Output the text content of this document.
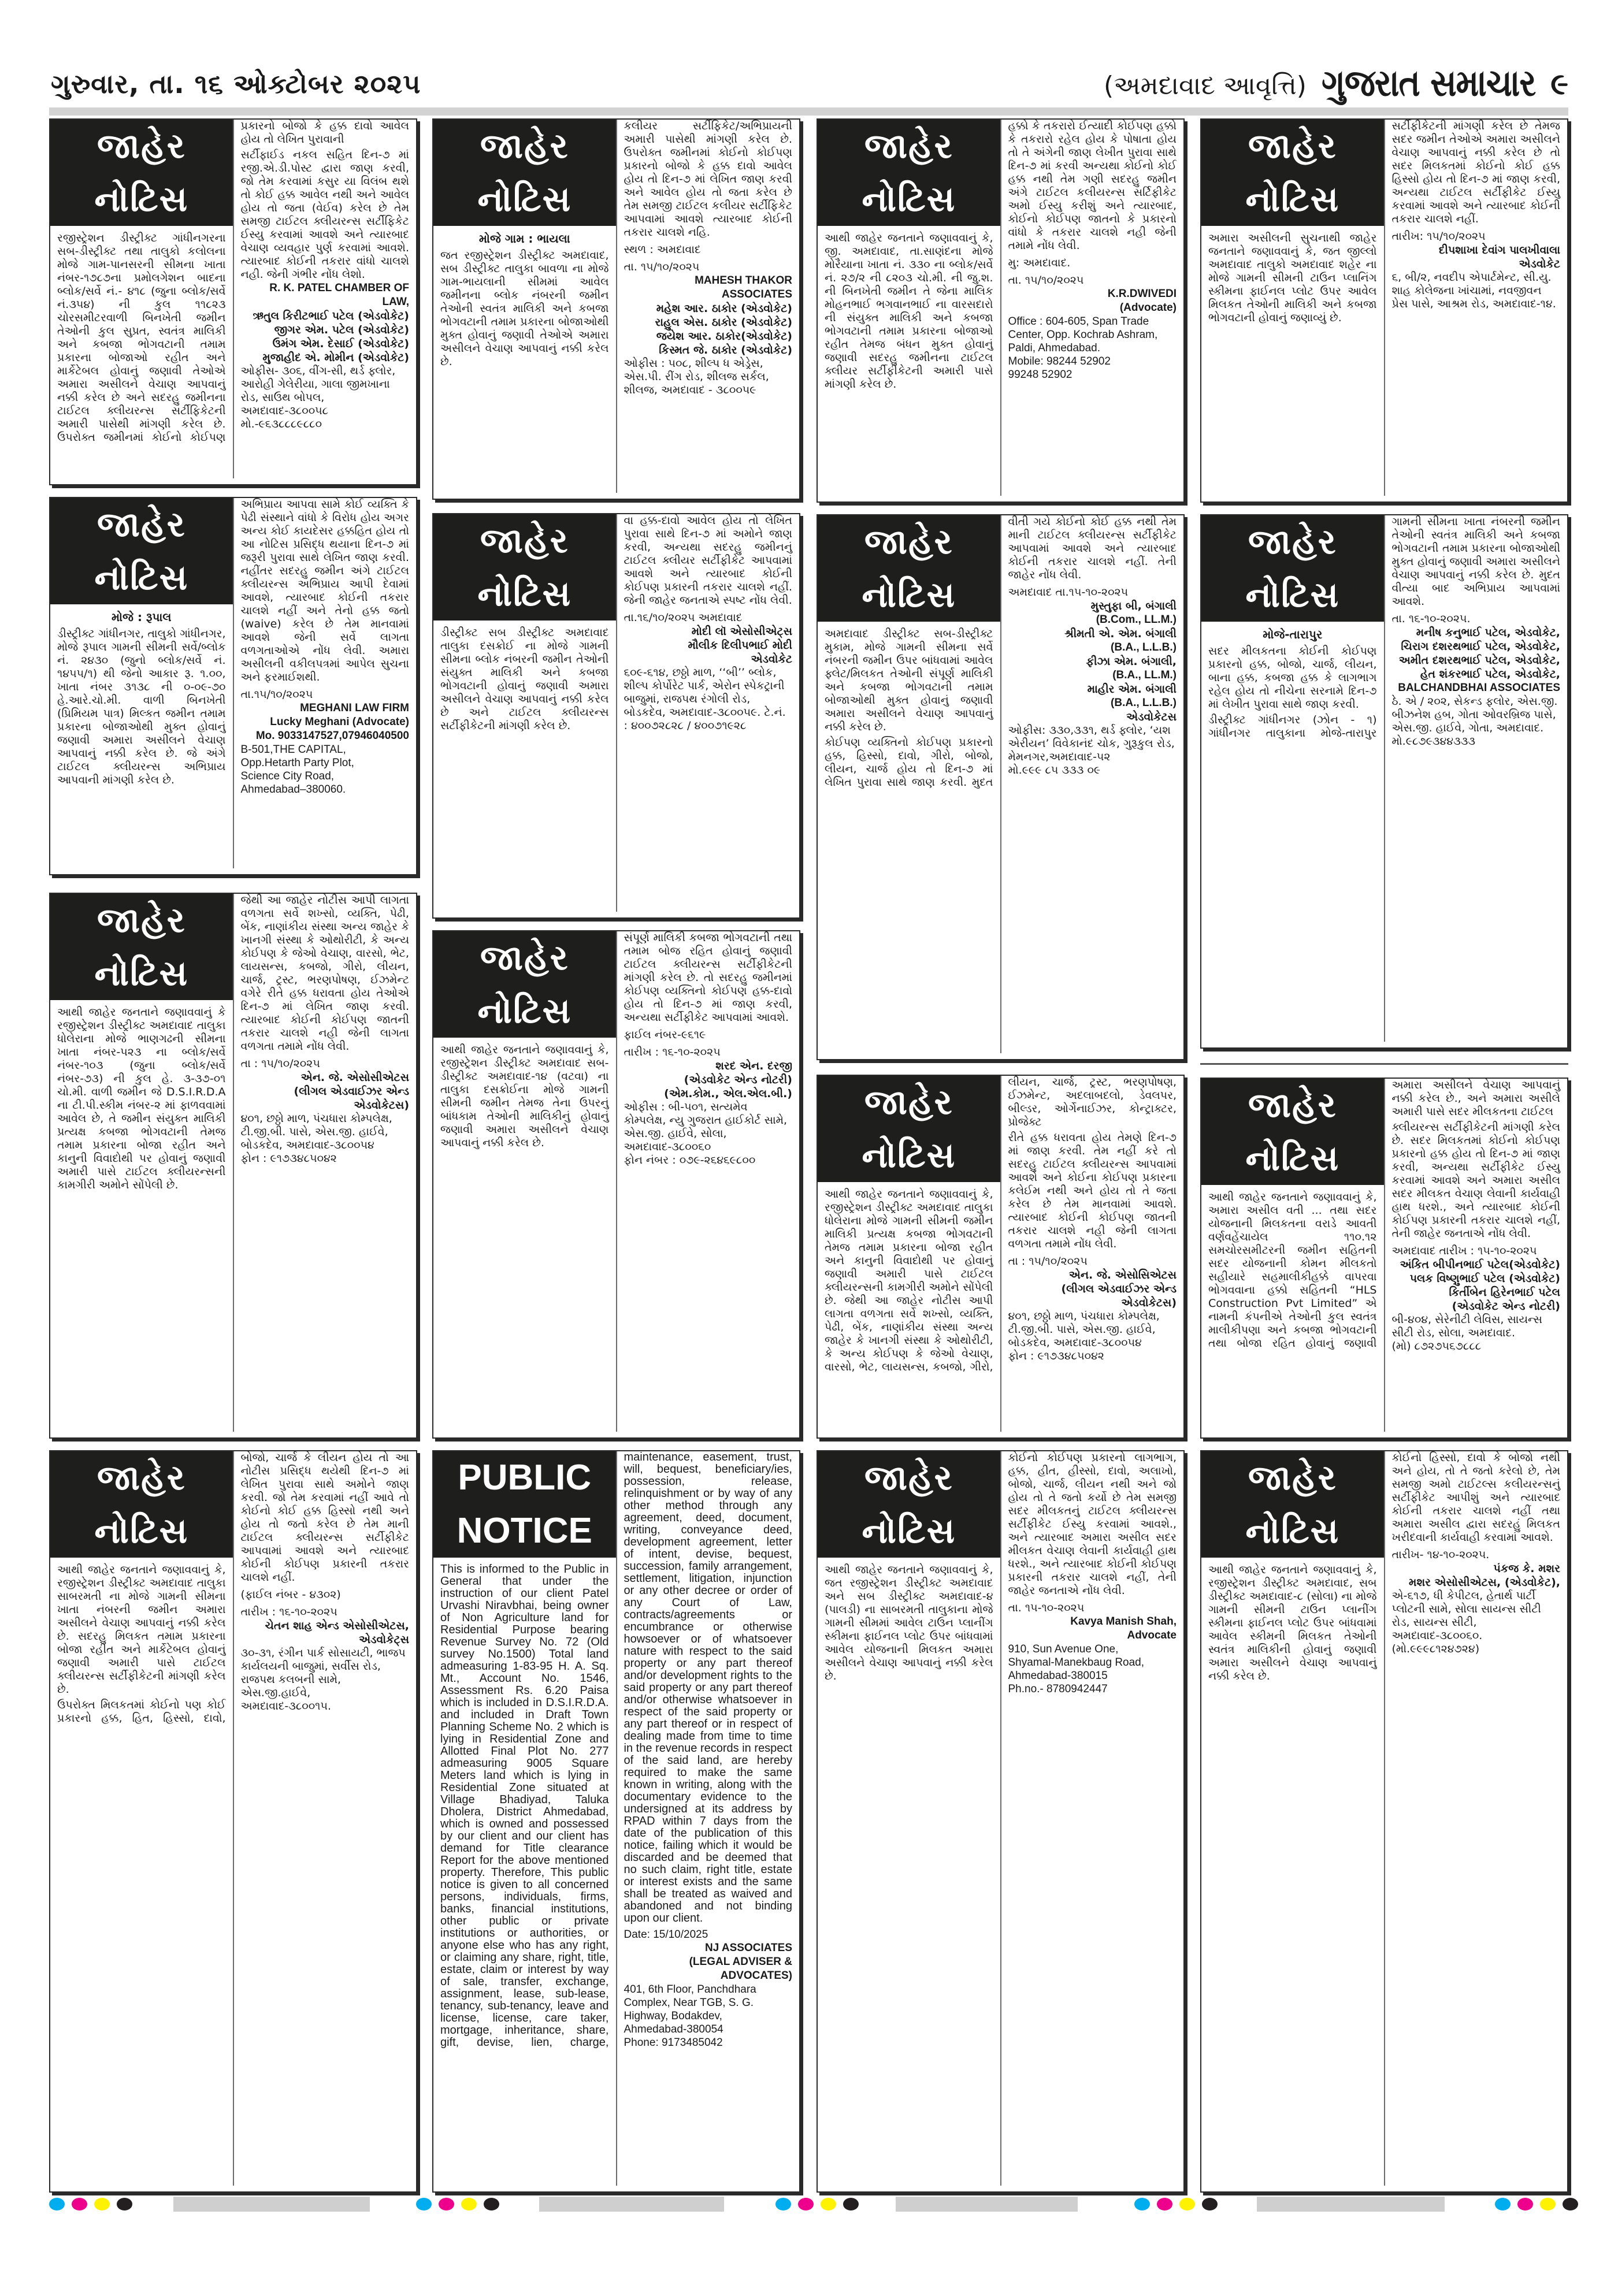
ગુરુવાર, તા. ૧૬ ઓક્ટોબર ૨૦૨૫	(અમદાવાદ આવૃત્તિ) ગુજરાત સમાચાર ૯
જાહેર નોટિસ

રજીસ્ટ્રેશન ડીસ્ટ્રીક્ટ ગાંધીનગરના સબ-ડીસ્ટ્રીક્ટ તથા તાલુકો કલોલના મોજે ગામ-પાનસરની સીમના ખાતા નંબર-૧૭૮૭ના પ્રમોલગેશન બાદના બ્લોક/સર્વે નં.- ૪૧૮ (જુના બ્લોક/સર્વે નં.૩૫૪) ની કુલ ૧૧૮૨૩ ચોરસમીટરવાળી બિનખેતી જમીન તેઓની કુલ સુપ્રત, સ્વતંત્ર માલિકી અને કબજા ભોગવટાની તમામ પ્રકારના બોજાઓ રહીત અને માર્કેટેબલ હોવાનું જણાવી તેઓએ અમારા અસીલને વેચાણ આપવાનું નક્કી કરેલ છે અને સદરહુ જમીનના ટાઈટલ ક્લીયરન્સ સર્ટીફિકેટની અમારી પાસેથી માંગણી કરેલ છે. ઉપરોક્ત જમીનમાં કોઈનો કોઈપણ પ્રકારનો બોજો કે હક્ક દાવો આવેલ હોય તો લેખિત પુરાવાની

સર્ટીફાઈડ નકલ સહિત દિન-૭ માં રજી.એ.ડી.પોસ્ટ દ્વારા જાણ કરવી, જો તેમ કરવામાં કસુર યા વિલંબ થશે તો કોઈ હક્ક આવેલ નથી અને આવેલ હોય તો જતા (વેઈવ) કરેલ છે તેમ સમજી ટાઈટલ ક્લીયરન્સ સર્ટીફિકેટ ઈસ્યુ કરવામાં આવશે અને ત્યારબાદ વેચાણ વ્યવહાર પુર્ણ કરવામાં આવશે. ત્યારબાદ કોઈની તકરાર વાંધો ચાલશે નહી. જેની ગંભીર નોંધ લેશો.

R. K. PATEL CHAMBER OF LAW,
ઋતુલ કિરીટભાઈ પટેલ (એડવોકેટ)
જીગર એમ. પટેલ (એડવોકેટ)
ઉમંગ એમ. દેસાઈ (એડવોકેટ)
મુજાહીદ એ. મોમીન (એડવોકેટ)
ઓફીસ- ૩૦૬, વીંગ-સી, થર્ડ ફ્લોર, આરોહી ગેલેરીયા, ગાલા જીમખાના રોડ, સાઉથ બોપલ,
અમદાવાદ-૩૮૦૦૫૮
મો.-૯૬૩૮૮૮૯૮૮૦
જાહેર નોટિસ
મોજે : રૂપાલ

ડીસ્ટ્રીક્ટ ગાંધીનગર, તાલુકો ગાંધીનગર, મોજે રૂપાલ ગામની સીમની સર્વે/બ્લોક નં. ૨૪૩૦ (જુનો બ્લોક/સર્વે નં. ૧૪૫૫/૧) થી જેનો આકાર રૂ. ૧.૦૦, ખાતા નંબર ૩૧૩૮ ની ૦-૦૯-૭૦ હે.આરે.ચો.મી. વાળી બિનખેતી (પ્રિમિયમ પાત્ર) મિલ્કત જમીન તમામ પ્રકારના બોજાઓથી મુક્ત હોવાનું જણાવી અમારા અસીલને વેચાણ આપવાનું નક્કી કરેલ છે. જે અંગે ટાઈટલ ક્લીયરન્સ અભિપ્રાય આપવાની માંગણી કરેલ છે.

અભિપ્રાય આપવા સામે કોઈ વ્યક્તિ કે પેઢી સંસ્થાને વાંધો કે વિરોધ હોય અગર અન્ય કોઈ કાયદેસર હક્કહિત હોય તો આ નોટિસ પ્રસિદ્ધ થયાના દિન-૭ માં જરૂરી પુરાવા સાથે લેખિત જાણ કરવી. નહીંતર સદરહુ જમીન અંગે ટાઈટલ ક્લીયરન્સ અભિપ્રાય આપી દેવામાં આવશે, ત્યારબાદ કોઈની તકરાર ચાલશે નહીં અને તેનો હક્ક જતો (waive) કરેલ છે તેમ માનવામાં આવશે જેની સર્વે લાગતા વળગતાઓએ નોંધ લેવી. અમારા અસીલની વકીલપત્રમાં આપેલ સુચના અને ફરમાઈશથી.

તા.૧૫/૧૦/૨૦૨૫
MEGHANI LAW FIRM
Lucky Meghani (Advocate)
Mo. 9033147527,07946040500
B-501,THE CAPITAL,
Opp.Hetarth Party Plot,
Science City Road,
Ahmedabad–380060.
જાહેર નોટિસ

આથી જાહેર જનતાને જણાવવાનું કે રજીસ્ટ્રેશન ડીસ્ટ્રીક્ટ અમદાવાદ તાલુકા ધોલેરાના મોજે ભાણગઢની સીમના ખાતા નંબર-૫૨૩ ના બ્લોક/સર્વે નંબર-૧૦૩ (જુના બ્લોક/સર્વે નંબર-૭૩) ની કુલ હે. ૩-૩૭-૦૧ ચો.મી. વાળી જમીન જે D.S.I.R.D.A ના ટી.પી.સ્કીમ નંબર-૨ માં ફાળવવામાં આવેલ છે, તે જમીન સંયુક્ત માલિકી પ્રત્યક્ષ કબજા ભોગવટાની તેમજ તમામ પ્રકારના બોજા રહીત અને કાનુની વિવાદોથી પર હોવાનું જણાવી અમારી પાસે ટાઈટલ ક્લીયરન્સની કામગીરી અમોને સોંપેલી છે.

જેથી આ જાહેર નોટીસ આપી લાગતા વળગતા સર્વે શખ્સો, વ્યક્તિ, પેઢી, બેંક, નાણાંકીય સંસ્થા અન્ય જાહેર કે ખાનગી સંસ્થા કે ઓથોરીટી, કે અન્ય કોઈપણ કે જેઓ વેચાણ, વારસો, ભેટ, લાયસન્સ, કબજો, ગીરો, લીયન, ચાર્જ, ટ્રસ્ટ, ભરણપોષણ, ઈઝમેન્ટ વગેરે રીતે હક્ક ધરાવતા હોય તેઓએ દિન-૭ માં લેખિત જાણ કરવી. ત્યારબાદ કોઈની કોઈપણ જાતની તકરાર ચાલશે નહી જેની લાગતા વળગતા તમામે નોંધ લેવી.

તા : ૧૫/૧૦/૨૦૨૫
એન. જે. એસોસીએટસ
(લીગલ એડવાઈઝર એન્ડ એડવોકેટસ)
૪૦૧, છઠ્ઠો માળ, પંચધારા કોમ્પલેક્ષ, ટી.જી.બી. પાસે, એસ.જી. હાઈવે, બોડકદેવ, અમદાવાદ-૩૮૦૦૫૪
ફોન : ૯૧૭૩૪૮૫૦૪૨
જાહેર નોટિસ

આથી જાહેર જનતાને જણાવવાનું કે, રજીસ્ટ્રેશન ડીસ્ટ્રીક્ટ અમદાવાદ તાલુકા સાબરમતી ના મોજે ગામની સીમના ખાતા નંબરની જમીન અમારા અસીલને વેચાણ આપવાનું નક્કી કરેલ છે. સદરહુ મિલકત તમામ પ્રકારના બોજા રહીત અને માર્કેટેબલ હોવાનું જણાવી અમારી પાસે ટાઈટલ ક્લીયરન્સ સર્ટીફીકેટની માંગણી કરેલ છે.

ઉપરોક્ત મિલકતમાં કોઈનો પણ કોઈ પ્રકારનો હક્ક, હિત, હિસ્સો, દાવો, બોજો, ચાર્જ કે લીયન હોય તો આ નોટીસ પ્રસિદ્ધ થયેથી દિન-૭ માં લેખિત પુરાવા સાથે અમોને જાણ કરવી. જો તેમ કરવામાં નહીં આવે તો કોઈનો કોઈ હક્ક હિસ્સો નથી અને હોય તો જતો કરેલ છે તેમ માની ટાઈટલ ક્લીયરન્સ સર્ટીફીકેટ આપવામાં આવશે અને ત્યારબાદ કોઈની કોઈપણ પ્રકારની તકરાર ચાલશે નહીં.

(ફાઈલ નંબર - ૪૩૦૨)
તારીખ : ૧૬-૧૦-૨૦૨૫
ચેતન શાહ એન્ડ એસોસીએટસ,
એડવોકેટ્સ
૩૦-૩૧, રંગીન પાર્ક સોસાયટી, ભાજપ કાર્યલયની બાજુમાં, સર્વીસ રોડ, રાજપથ કલબની સામે, એસ.જી.હાઈવે,
અમદાવાદ-૩૮૦૦૧૫.
જાહેર નોટિસ
મોજે ગામ : ભાયલા

જત રજીસ્ટ્રેશન ડીસ્ટ્રીક્ટ અમદાવાદ, સબ ડીસ્ટ્રીક્ટ તાલુકા બાવળા ના મોજે ગામ-ભાયલાની સીમમાં આવેલ જમીનના બ્લોક નંબરની જમીન તેઓની સ્વતંત્ર માલિકી અને કબજા ભોગવટાની તમામ પ્રકારના બોજાઓથી મુક્ત હોવાનું જણાવી તેઓએ અમારા અસીલને વેચાણ આપવાનું નક્કી કરેલ છે.

કલીયર સર્ટીફિકેટ/અભિપ્રાયની અમારી પાસેથી માંગણી કરેલ છે. ઉપરોક્ત જમીનમાં કોઈનો કોઈપણ પ્રકારનો બોજો કે હક્ક દાવો આવેલ હોય તો દિન-૭ માં લેખિત જાણ કરવી અને આવેલ હોય તો જતા કરેલ છે તેમ સમજી ટાઈટલ કલીયર સર્ટીફિકેટ આપવામાં આવશે ત્યારબાદ કોઈની તકરાર ચાલશે નહિ.

સ્થળ : અમદાવાદ
તા. ૧૫/૧૦/૨૦૨૫
MAHESH THAKOR ASSOCIATES
મહેશ આર. ઠાકોર (એડવોકેટ)
રાહુલ એસ. ઠાકોર (એડવોકેટ)
જયેશ આર. ઠાકોર(એડવોકેટ)
કિસ્મત જે. ઠાકોર (એડવોકેટ)
ઓફીસ : ૫૦૮, શીલ્પ ધ એડ્રેસ, એસ.પી. રીંગ રોડ, શીલજ સર્કલ, શીલજ, અમદાવાદ - ૩૮૦૦૫૯
જાહેર નોટિસ

ડીસ્ટ્રીક્ટ સબ ડીસ્ટ્રીક્ટ અમદાવાદ તાલુકા દસક્રોઈ ના મોજે ગામની સીમના બ્લોક નંબરની જમીન તેઓની સંયુક્ત માલિકી અને કબજા ભોગવટાની હોવાનું જણાવી અમારા અસીલને વેચાણ આપવાનું નક્કી કરેલ છે અને ટાઈટલ ક્લીયરન્સ સર્ટીફીકેટની માંગણી કરેલ છે.

વા હક્ક-દાવો આવેલ હોય તો લેખિત પુરાવા સાથે દિન-૭ માં અમોને જાણ કરવી, અન્યથા સદરહુ જમીનનું ટાઈટલ ક્લીયર સર્ટીફીકેટ આપવામાં આવશે અને ત્યારબાદ કોઈની કોઈપણ પ્રકારની તકરાર ચાલશે નહીં. જેની જાહેર જનતાએ સ્પષ્ટ નોંધ લેવી.

તા.૧૬/૧૦/૨૦૨૫ અમદાવાદ
મોદી લૉ એસોસીએટ્સ
મૌલીક દિલીપભાઈ મોદી
એડવોકેટ
૬૦૯-૬૧૪, છઠ્ઠો માળ, ‘‘બી’’ બ્લોક, શીલ્પ કોર્પોરેટ પાર્ક, એરોન સ્પેકટ્રાની બાજુમાં, રાજપથ રંગોલી રોડ, બોડકદેવ, અમદાવાદ-૩૮૦૦૫૯. ટે.નં. : ૪૦૦૭૨૮૨૮ / ૪૦૦૭૧૯૨૮
જાહેર નોટિસ

આથી જાહેર જનતાને જણાવવાનું કે, રજીસ્ટ્રેશન ડીસ્ટ્રીક્ટ અમદાવાદ સબ-ડીસ્ટ્રીક્ટ અમદાવાદ-૧૪ (વટવા) ના તાલુકા દસક્રોઈના મોજે ગામની સીમની જમીન તેમજ તેના ઉપરનું બાંધકામ તેઓની માલિકીનું હોવાનું જણાવી અમારા અસીલને વેચાણ આપવાનું નક્કી કરેલ છે.

સંપૂર્ણ માલિકી કબજા ભોગવટાની તથા તમામ બોજ રહિત હોવાનું જણાવી ટાઈટલ ક્લીયરન્સ સર્ટીફીકેટની માંગણી કરેલ છે. તો સદરહુ જમીનમાં કોઈપણ વ્યક્તિનો કોઈપણ હક્ક-દાવો હોય તો દિન-૭ માં જાણ કરવી, અન્યથા સર્ટીફીકેટ આપવામાં આવશે.

ફાઈલ નંબર-૯૬૧૯
તારીખ : ૧૬-૧૦-૨૦૨૫
શરદ એન. દરજી
(એડવોકેટ એન્ડ નોટરી)
(એમ.કોમ., એલ.એલ.બી.)
ઓફીસ : બી-૫૦૧, સત્યમેવ કોમ્પલેક્ષ, ન્યુ ગુજરાત હાઈકોર્ટ સામે, એસ.જી. હાઈવે, સોલા,
અમદાવાદ-૩૮૦૦૬૦
ફોન નંબર : ૦૭૯-૨૬૪૬૯૮૦૦
PUBLIC NOTICE

This is informed to the Public in General that under the instruction of our client Patel Urvashi Niravbhai, being owner of Non Agriculture land for Residential Purpose bearing Revenue Survey No. 72 (Old survey No.1500) Total land admeasuring 1-83-95 H. A. Sq. Mt., Account No. 1546, Assessment Rs. 6.20 Paisa which is included in D.S.I.R.D.A. and included in Draft Town Planning Scheme No. 2 which is lying in Residential Zone and Allotted Final Plot No. 277 admeasuring 9005 Square Meters land which is lying in Residential Zone situated at Village Bhadiyad, Taluka Dholera, District Ahmedabad, which is owned and possessed by our client and our client has demand for Title clearance Report for the above mentioned property. Therefore, This public notice is given to all concerned persons, individuals, firms, banks, financial institutions, other public or private institutions or authorities, or anyone else who has any right, or claiming any share, right, title, estate, claim or interest by way of sale, transfer, exchange, assignment, lease, sub-lease, tenancy, sub-tenancy, leave and license, license, care taker, mortgage, inheritance, share, gift, devise, lien, charge, maintenance, easement, trust, will, bequest, beneficiary/ies, possession, release, relinquishment or by way of any other method through any agreement, deed, document, writing, conveyance deed, development agreement, letter of intent, devise, bequest, succession, family arrangement, settlement, litigation, injunction or any other decree or order of any Court of Law, contracts/agreements or encumbrance or otherwise howsoever or of whatsoever nature with respect to the said property or any part thereof and/or development rights to the said property or any part thereof and/or otherwise whatsoever in respect of the said property or any part thereof or in respect of dealing made from time to time in the revenue records in respect of the said land, are hereby required to make the same known in writing, along with the documentary evidence to the undersigned at its address by RPAD within 7 days from the date of the publication of this notice, failing which it would be discarded and be deemed that no such claim, right title, estate or interest exists and the same shall be treated as waived and abandoned and not binding upon our client.

Date: 15/10/2025
NJ ASSOCIATES
(LEGAL ADVISER & ADVOCATES)
401, 6th Floor, Panchdhara Complex, Near TGB, S. G. Highway, Bodakdev,
Ahmedabad-380054
Phone: 9173485042
જાહેર નોટિસ

આથી જાહેર જનતાને જણાવવાનું કે, જી. અમદાવાદ, તા.સાણંદના મોજે મોરૈયાના ખાતા નં. ૩૩૦ ના બ્લોક/સર્વે નં. ૨૭/૨ ની ૮૨૦૩ ચો.મી. ની જુ.શ. ની બિનખેતી જમીન તે જેના માલિક મોહનભાઈ ભગવાનભાઈ ના વારસદારો ની સંયુક્ત માલિકી અને કબજા ભોગવટાની તમામ પ્રકારના બોજાઓ રહીત તેમજ બંધન મુક્ત હોવાનું જણાવી સદરહુ જમીનના ટાઈટલ ક્લીયર સર્ટીફીકેટની અમારી પાસે માંગણી કરેલ છે.

હક્કો કે તકરારો ઈત્યાદી કોઈપણ હક્કો કે તકરારો રહેલ હોય કે પોષાતા હોય તો તે અંગેની જાણ લેખીત પુરાવા સાથે દિન-૭ માં કરવી અન્યથા કોઈનો કોઈ હક્ક નથી તેમ ગણી સદરહુ જમીન અંગે ટાઈટલ કલીયરન્સ સર્ટિફીકેટ અમો ઈસ્યુ કરીશું અને ત્યારબાદ, કોઈનો કોઈપણ જાતનો કે પ્રકારનો વાંધો કે તકરાર ચાલશે નહી જેની તમામે નોંધ લેવી.

મુ: અમદાવાદ.
તા. ૧૫/૧૦/૨૦૨૫
K.R.DWIVEDI
(Advocate)
Office : 604-605, Span Trade Center, Opp. Kochrab Ashram, Paldi, Ahmedabad.
Mobile: 98244 52902
99248 52902
જાહેર નોટિસ

અમદાવાદ ડીસ્ટ્રીક્ટ સબ-ડીસ્ટ્રીક્ટ મુકામ, મોજે ગામની સીમના સર્વે નંબરની જમીન ઉપર બાંધવામાં આવેલ ફ્લેટ/મિલકત તેઓની સંપૂર્ણ માલિકી અને કબજા ભોગવટાની તમામ બોજાઓથી મુક્ત હોવાનું જણાવી અમારા અસીલને વેચાણ આપવાનું નક્કી કરેલ છે.

કોઈપણ વ્યક્તિનો કોઈપણ પ્રકારનો હક્ક, હિસ્સો, દાવો, ગીરો, બોજો, લીયન, ચાર્જ હોય તો દિન-૭ માં લેખિત પુરાવા સાથે જાણ કરવી. મુદત વીતી ગયે કોઈનો કોઈ હક્ક નથી તેમ માની ટાઈટલ ક્લીયરન્સ સર્ટીફીકેટ આપવામાં આવશે અને ત્યારબાદ કોઈની તકરાર ચાલશે નહીં. તેની જાહેર નોંધ લેવી.

અમદાવાદ તા.૧૫-૧૦-૨૦૨૫
મુસ્તુફા બી, બંગાલી
(B.Com., LL.M.)
શ્રીમતી એ. એમ. બંગાલી
(B.A., L.L.B.)
ફીઝા એમ. બંગાલી,
(B.A., LL.M.)
માહીર એમ. બંગાલી
(B.A., L.L.B.)
એડવોકેટસ
ઓફીસ: ૩૩૦,૩૩૧, થર્ડ ફ્લોર, ‘યશ એરીયન’ વિવેકાનંદ ચોક, ગુરૂકુલ રોડ, મેમનગર,અમદાવાદ-૫૨
મો.૯૯૯ ૮૫ ૩૩૩ ૦૯
જાહેર નોટિસ

આથી જાહેર જનતાને જણાવવાનું કે, રજીસ્ટ્રેશન ડીસ્ટ્રીક્ટ અમદાવાદ તાલુકા ધોલેરાના મોજે ગામની સીમની જમીન માલિકી પ્રત્યક્ષ કબજા ભોગવટાની તેમજ તમામ પ્રકારના બોજા રહીત અને કાનુની વિવાદોથી પર હોવાનું જણાવી અમારી પાસે ટાઈટલ ક્લીયરન્સની કામગીરી અમોને સોંપેલી છે. જેથી આ જાહેર નોટીસ આપી લાગતા વળગતા સર્વે શખ્સો, વ્યક્તિ, પેઢી, બેંક, નાણાંકીય સંસ્થા અન્ય જાહેર કે ખાનગી સંસ્થા કે ઓથોરીટી, કે અન્ય કોઈપણ કે જેઓ વેચાણ, વારસો, ભેટ, લાયસન્સ, કબજો, ગીરો, લીયન, ચાર્જ, ટ્રસ્ટ, ભરણપોષણ, ઈઝમેન્ટ, અદલાબદલો, ડેવલપર, બીલ્ડર, ઓર્ગેનાઈઝર, કોન્ટ્રાક્ટર, પ્રોજેક્ટ

રીતે હક્ક ધરાવતા હોય તેમણે દિન-૭ માં જાણ કરવી. તેમ નહીં કરે તો સદરહુ ટાઈટલ ક્લીયરન્સ આપવામાં આવશે અને કોઈના કોઈપણ પ્રકારના કલેઈમ નથી અને હોય તો તે જતા કરેલ છે તેમ માનવામાં આવશે. ત્યારબાદ કોઈની કોઈપણ જાતની તકરાર ચાલશે નહી જેની લાગતા વળગતા તમામે નોંધ લેવી.

તા : ૧૫/૧૦/૨૦૨૫
એન. જે. એસોસિએટસ
(લીગલ એડવાઈઝર એન્ડ એડવોકેટસ)
૪૦૧, છઠ્ઠો માળ, પંચધારા કોમ્પલેક્ષ, ટી.જી.બી. પાસે, એસ.જી. હાઈવે, બોડકદેવ, અમદાવાદ-૩૮૦૦૫૪
ફોન : ૯૧૭૩૪૮૫૦૪૨
જાહેર નોટિસ

આથી જાહેર જનતાને જણાવવાનું કે, જત રજીસ્ટ્રેશન ડીસ્ટ્રીક્ટ અમદાવાદ અને સબ ડીસ્ટ્રીક્ટ અમદાવાદ-૪ (પાલડી) ના સાબરમતી તાલુકાના મોજે ગામની સીમમાં આવેલ ટાઉન પ્લાનીંગ સ્કીમના ફાઈનલ પ્લોટ ઉપર બાંધવામાં આવેલ યોજનાની મિલકત અમારા અસીલને વેચાણ આપવાનું નક્કી કરેલ છે.

કોઈનો કોઈપણ પ્રકારનો લાગભાગ, હક્ક, હીત, હીસ્સો, દાવો, અલાખો, બોજો, ચાર્જ, લીયન નથી અને જો હોય તો તે જતો કર્યો છે તેમ સમજી સદર મીલકતનું ટાઈટલ ક્લીયરન્સ સર્ટીફીકેટ ઈસ્યુ કરવામાં આવશે., અને ત્યારબાદ અમારા અસીલ સદર મીલકત વેચાણ લેવાની કાર્યવાહી હાથ ધરશે., અને ત્યારબાદ કોઈની કોઈપણ પ્રકારની તકરાર ચાલશે નહીં, તેની જાહેર જનતાએ નોંધ લેવી.

તા. ૧૫-૧૦-૨૦૨૫
Kavya Manish Shah,
Advocate
910, Sun Avenue One,
Shyamal-Manekbaug Road,
Ahmedabad-380015
Ph.no.- 8780942447
જાહેર નોટિસ

અમારા અસીલની સુચનાથી જાહેર જનતાને જણાવવાનું કે, જત જીલ્લો અમદાવાદ તાલુકો અમદાવાદ શહેર ના મોજે ગામની સીમની ટાઉન પ્લાનિંગ સ્કીમના ફાઈનલ પ્લોટ ઉપર આવેલ મિલકત તેઓની માલિકી અને કબજા ભોગવટાની હોવાનું જણાવ્યું છે.

સર્ટીફીકેટની માંગણી કરેલ છે તેમજ સદર જમીન તેઓએ અમારા અસીલને વેચાણ આપવાનું નક્કી કરેલ છે તો સદર મિલકતમાં કોઈનો કોઈ હક્ક હિસ્સો હોય તો દિન-૭ માં જાણ કરવી, અન્યથા ટાઈટલ સર્ટીફીકેટ ઈસ્યુ કરવામાં આવશે અને ત્યારબાદ કોઈની તકરાર ચાલશે નહીં.

તારીખ: ૧૫/૧૦/૨૦૨૫
દીપશાખા દેવાંગ પાલખીવાલા
એડવોકેટ
૬, બી/૨, નવદીપ એપાર્ટમેન્ટ, સી.યુ. શાહ કોલેજના ખાંચામાં, નવજીવન પ્રેસ પાસે, આશ્રમ રોડ, અમદાવાદ-૧૪.
જાહેર નોટિસ
મોજે-તારાપુર

સદર મીલકતના કોઈની કોઈપણ પ્રકારનો હક્ક, બોજો, ચાર્જ, લીયન, બાના હક્ક, કબજા હક્ક કે લાગભાગ રહેલ હોય તો નીચેના સરનામે દિન-૭ માં લેખીત પુરાવા સાથે જાણ કરવી.

ડીસ્ટ્રીક્ટ ગાંધીનગર (ઝોન - ૧) ગાંધીનગર તાલુકાના મોજે-તારાપુર ગામની સીમના ખાતા નંબરની જમીન તેઓની સ્વતંત્ર માલિકી અને કબજા ભોગવટાની તમામ પ્રકારના બોજાઓથી મુક્ત હોવાનું જણાવી અમારા અસીલને વેચાણ આપવાનું નક્કી કરેલ છે. મુદત વીત્યા બાદ અભિપ્રાય આપવામાં આવશે.

તા. ૧૬-૧૦-૨૦૨૫.
મનીષ કનુભાઈ પટેલ, એડવોકેટ,
ચિરાગ દશરથભાઈ પટેલ, એડવોકેટ,
અમીત દશરથભાઈ પટેલ, એડવોકેટ,
હેત શંકરભાઈ પટેલ, એડવોકેટ,
BALCHANDBHAI ASSOCIATES
ઠે. એ / ૨૦૨, સેકન્ડ ફલોર, એસ.જી. બીઝનેશ હબ, ગોતા ઓવરબ્રિજ પાસે, એસ.જી. હાઈવે, ગોતા, અમદાવાદ.
મો.૯૮૭૯૩૪૪૩૩૩
જાહેર નોટિસ

આથી જાહેર જનતાને જણાવવાનું કે, અમારા અસીલ વતી ... તથા સદર યોજનાની મિલકતના વરાડે આવતી વર્ણવહેંચાયેલ ૧૧૦.૧૨ સમચોરસમીટરની જમીન સહિતની સદર યોજનાની કોમન મીલકતો સહીયારે સહમાલીકીહક્કે વાપરવા ભોગવવાના હક્કો સહિતની “HLS Construction Pvt Limited” એ નામની કંપનીએ તેઓની કુલ સ્વતંત્ર માલીકીપણા અને કબજા ભોગવટાની તથા બોજા રહિત હોવાનું જણાવી અમારા અસીલને વેચાણ આપવાનું નક્કી કરેલ છે., અને અમારા અસીલે અમારી પાસે સદર મીલકતના ટાઈટલ

ક્લીયરન્સ સર્ટીફીકેટની માંગણી કરેલ છે. સદર મિલકતમાં કોઈનો કોઈપણ પ્રકારનો હક્ક હોય તો દિન-૭ માં જાણ કરવી, અન્યથા સર્ટીફીકેટ ઈસ્યુ કરવામાં આવશે અને અમારા અસીલ સદર મીલકત વેચાણ લેવાની કાર્યવાહી હાથ ધરશે., અને ત્યારબાદ કોઈની કોઈપણ પ્રકારની તકરાર ચાલશે નહીં, તેની જાહેર જનતાએ નોંધ લેવી.

અમદાવાદ તારીખ : ૧૫-૧૦-૨૦૨૫
અંકિત બીપીનભાઈ પટેલ(એડવોકેટ)
પલક વિષ્ણુભાઈ પટેલ (એડવોકેટ)
કિર્તીબેન હિરેનભાઈ પટેલ
(એડવોકેટ એન્ડ નોટરી)
બી-૪૦૪, સેરેનીટી લેવિસ, સાયન્સ સીટી રોડ, સોલા, અમદાવાદ.
(મો) ૮૭૨૭૫૬૭૮૮૮
જાહેર નોટિસ

આથી જાહેર જનતાને જણાવવાનું કે, રજીસ્ટ્રેશન ડીસ્ટ્રીક્ટ અમદાવાદ, સબ ડીસ્ટ્રીક્ટ અમદાવાદ-૮ (સોલા) ના મોજે ગામની સીમની ટાઉન પ્લાનીંગ સ્કીમના ફાઈનલ પ્લોટ ઉપર બાંધવામાં આવેલ સ્કીમની મિલકત તેઓની સ્વતંત્ર માલિકીની હોવાનું જણાવી અમારા અસીલને વેચાણ આપવાનું નક્કી કરેલ છે.

કોઈનો હિસ્સો, દાવો કે બોજો નથી અને હોય, તો તે જતો કરેલો છે, તેમ સમજી અમો ટાઈટલ્સ કલીયરન્સનું સર્ટીફીકેટ આપીશું અને ત્યારબાદ કોઈની તકરાર ચાલશે નહીં તથા અમારા અસીલ દ્વારા સદરહું મિલકત ખરીદવાની કાર્યવાહી કરવામાં આવશે.

તારીખ- ૧૪-૧૦-૨૦૨૫.
પંકજ કે. મશર
મશર એસોસીએટસ, (એડવોકેટ),
એ-૬૧૭, ધી કેપીટલ, હેતાર્થ પાર્ટી પ્લોટની સામે, સોલા સાયન્સ સીટી રોડ, સાયન્સ સીટી,
અમદાવાદ-૩૮૦૦૬૦.
(મો.૯૯૯૮૧૨૪૭૨૪)
